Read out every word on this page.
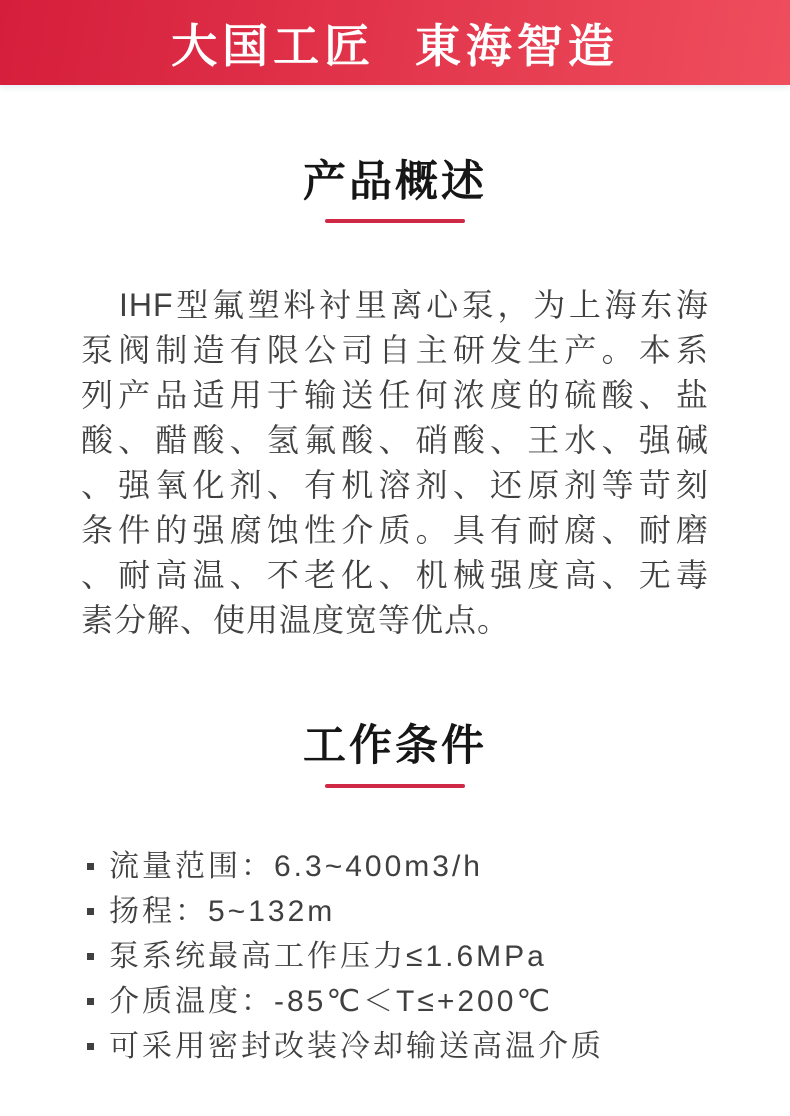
大国工匠 東海智造
产品概述
IHF型氟塑料衬里离心泵，为上海东海
泵阀制造有限公司自主研发生产。本系
列产品适用于输送任何浓度的硫酸、盐
酸、醋酸、氢氟酸、硝酸、王水、强碱
、强氧化剂、有机溶剂、还原剂等苛刻
条件的强腐蚀性介质。具有耐腐、耐磨
、耐高温、不老化、机械强度高、无毒
素分解、使用温度宽等优点。
工作条件
流量范围：6.3~400m3/h
扬程：5~132m
泵系统最高工作压力≤1.6MPa
介质温度：-85℃＜T≤+200℃
可采用密封改装冷却输送高温介质
